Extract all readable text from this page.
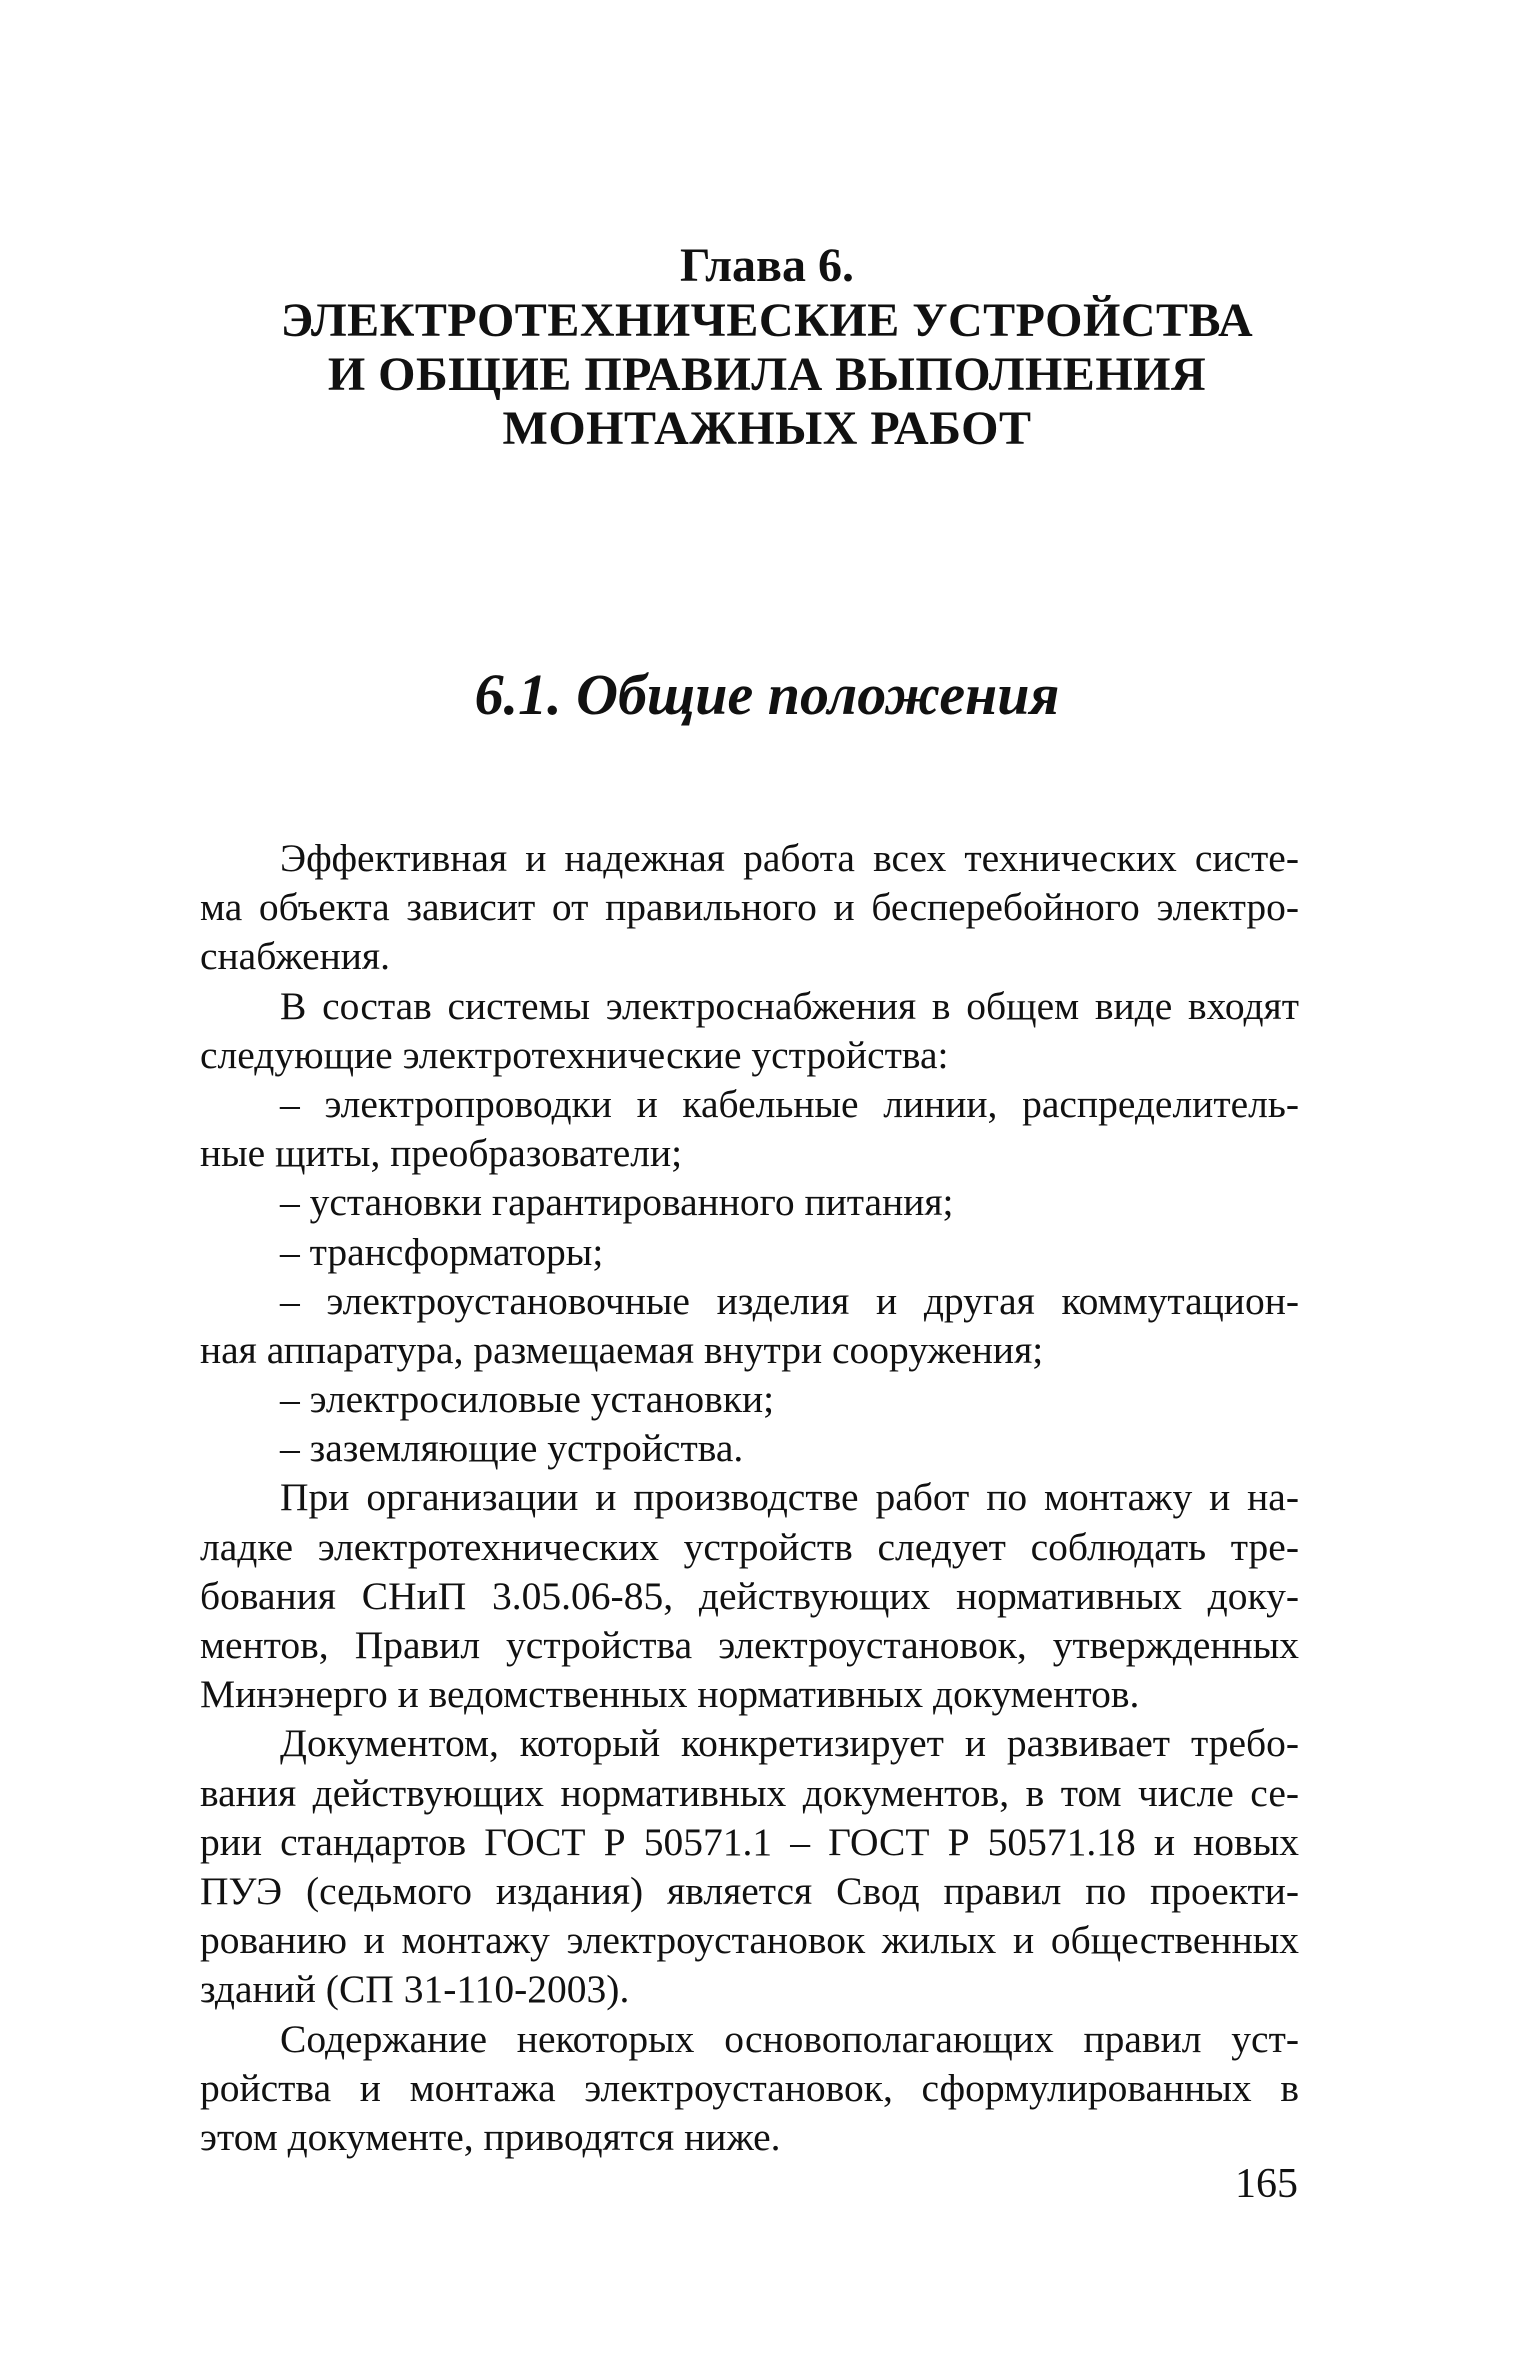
Глава 6.
ЭЛЕКТРОТЕХНИЧЕСКИЕ УСТРОЙСТВА
И ОБЩИЕ ПРАВИЛА ВЫПОЛНЕНИЯ
МОНТАЖНЫХ РАБОТ
6.1. Общие положения
Эффективная и надежная работа всех технических систе-
ма объекта зависит от правильного и бесперебойного электро-
снабжения.
В состав системы электроснабжения в общем виде входят
следующие электротехнические устройства:
– электропроводки и кабельные линии, распределитель-
ные щиты, преобразователи;
– установки гарантированного питания;
– трансформаторы;
– электроустановочные изделия и другая коммутацион-
ная аппаратура, размещаемая внутри сооружения;
– электросиловые установки;
– заземляющие устройства.
При организации и производстве работ по монтажу и на-
ладке электротехнических устройств следует соблюдать тре-
бования СНиП 3.05.06-85, действующих нормативных доку-
ментов, Правил устройства электроустановок, утвержденных
Минэнерго и ведомственных нормативных документов.
Документом, который конкретизирует и развивает требо-
вания действующих нормативных документов, в том числе се-
рии стандартов ГОСТ Р 50571.1 – ГОСТ Р 50571.18 и новых
ПУЭ (седьмого издания) является Свод правил по проекти-
рованию и монтажу электроустановок жилых и общественных
зданий (СП 31-110-2003).
Содержание некоторых основополагающих правил уст-
ройства и монтажа электроустановок, сформулированных в
этом документе, приводятся ниже.
165
